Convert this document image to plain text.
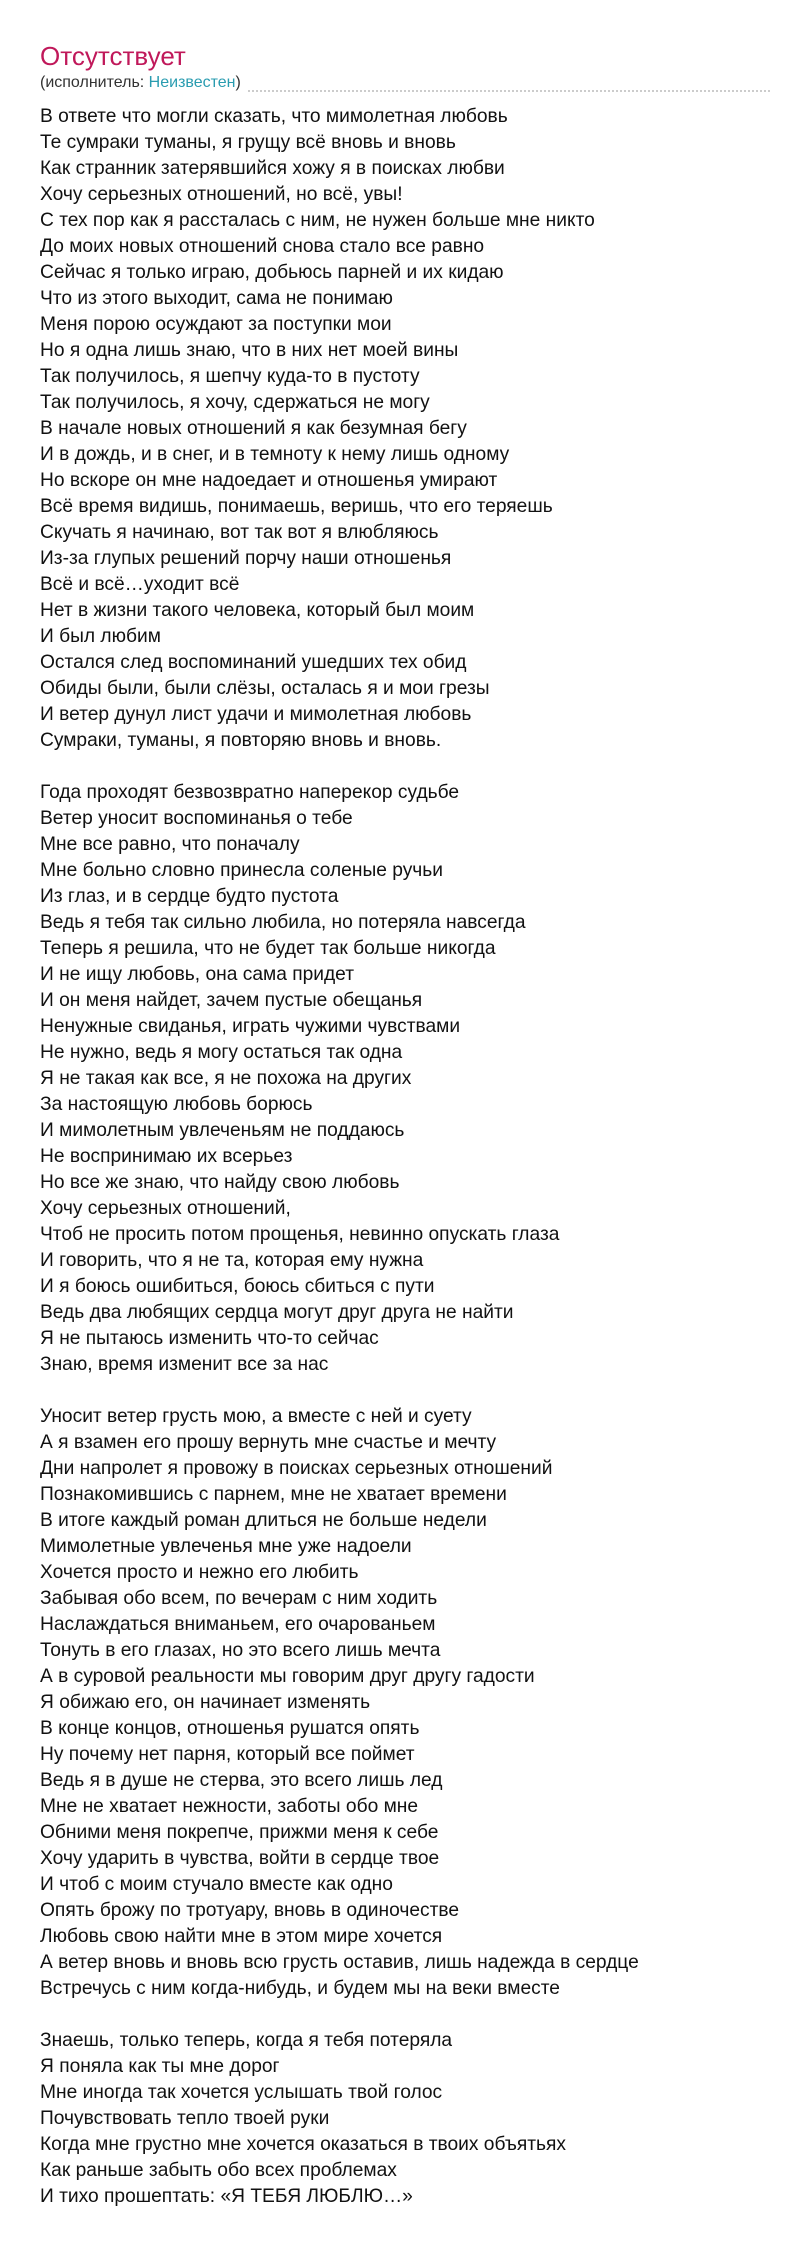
Отсутствует
(исполнитель: Неизвестен)
В ответе что могли сказать, что мимолетная любовь
Те сумраки туманы, я грущу всё вновь и вновь
Как странник затерявшийся хожу я в поисках любви
Хочу серьезных отношений, но всё, увы!
С тех пор как я рассталась с ним, не нужен больше мне никто
До моих новых отношений снова стало все равно
Сейчас я только играю, добьюсь парней и их кидаю
Что из этого выходит, сама не понимаю
Меня порою осуждают за поступки мои
Но я одна лишь знаю, что в них нет моей вины
Так получилось, я шепчу куда-то в пустоту
Так получилось, я хочу, сдержаться не могу
В начале новых отношений я как безумная бегу
И в дождь, и в снег, и в темноту к нему лишь одному
Но вскоре он мне надоедает и отношенья умирают
Всё время видишь, понимаешь, веришь, что его теряешь
Скучать я начинаю, вот так вот я влюбляюсь
Из-за глупых решений порчу наши отношенья
Всё и всё…уходит всё
Нет в жизни такого человека, который был моим
И был любим
Остался след воспоминаний ушедших тех обид
Обиды были, были слёзы, осталась я и мои грезы
И ветер дунул лист удачи и мимолетная любовь
Сумраки, туманы, я повторяю вновь и вновь.
Года проходят безвозвратно наперекор судьбе
Ветер уносит воспоминанья о тебе
Мне все равно, что поначалу
Мне больно словно принесла соленые ручьи
Из глаз, и в сердце будто пустота
Ведь я тебя так сильно любила, но потеряла навсегда
Теперь я решила, что не будет так больше никогда
И не ищу любовь, она сама придет
И он меня найдет, зачем пустые обещанья
Ненужные свиданья, играть чужими чувствами
Не нужно, ведь я могу остаться так одна
Я не такая как все, я не похожа на других
За настоящую любовь борюсь
И мимолетным увлеченьям не поддаюсь
Не воспринимаю их всерьез
Но все же знаю, что найду свою любовь
Хочу серьезных отношений,
Чтоб не просить потом прощенья, невинно опускать глаза
И говорить, что я не та, которая ему нужна
И я боюсь ошибиться, боюсь сбиться с пути
Ведь два любящих сердца могут друг друга не найти
Я не пытаюсь изменить что-то сейчас
Знаю, время изменит все за нас
Уносит ветер грусть мою, а вместе с ней и суету
А я взамен его прошу вернуть мне счастье и мечту
Дни напролет я провожу в поисках серьезных отношений
Познакомившись с парнем, мне не хватает времени
В итоге каждый роман длиться не больше недели
Мимолетные увлеченья мне уже надоели
Хочется просто и нежно его любить
Забывая обо всем, по вечерам с ним ходить
Наслаждаться вниманьем, его очарованьем
Тонуть в его глазах, но это всего лишь мечта
А в суровой реальности мы говорим друг другу гадости
Я обижаю его, он начинает изменять
В конце концов, отношенья рушатся опять
Ну почему нет парня, который все поймет
Ведь я в душе не стерва, это всего лишь лед
Мне не хватает нежности, заботы обо мне
Обними меня покрепче, прижми меня к себе
Хочу ударить в чувства, войти в сердце твое
И чтоб с моим стучало вместе как одно
Опять брожу по тротуару, вновь в одиночестве
Любовь свою найти мне в этом мире хочется
А ветер вновь и вновь всю грусть оставив, лишь надежда в сердце
Встречусь с ним когда-нибудь, и будем мы на веки вместе
Знаешь, только теперь, когда я тебя потеряла
Я поняла как ты мне дорог
Мне иногда так хочется услышать твой голос
Почувствовать тепло твоей руки
Когда мне грустно мне хочется оказаться в твоих объятьях
Как раньше забыть обо всех проблемах
И тихо прошептать: «Я ТЕБЯ ЛЮБЛЮ…»
